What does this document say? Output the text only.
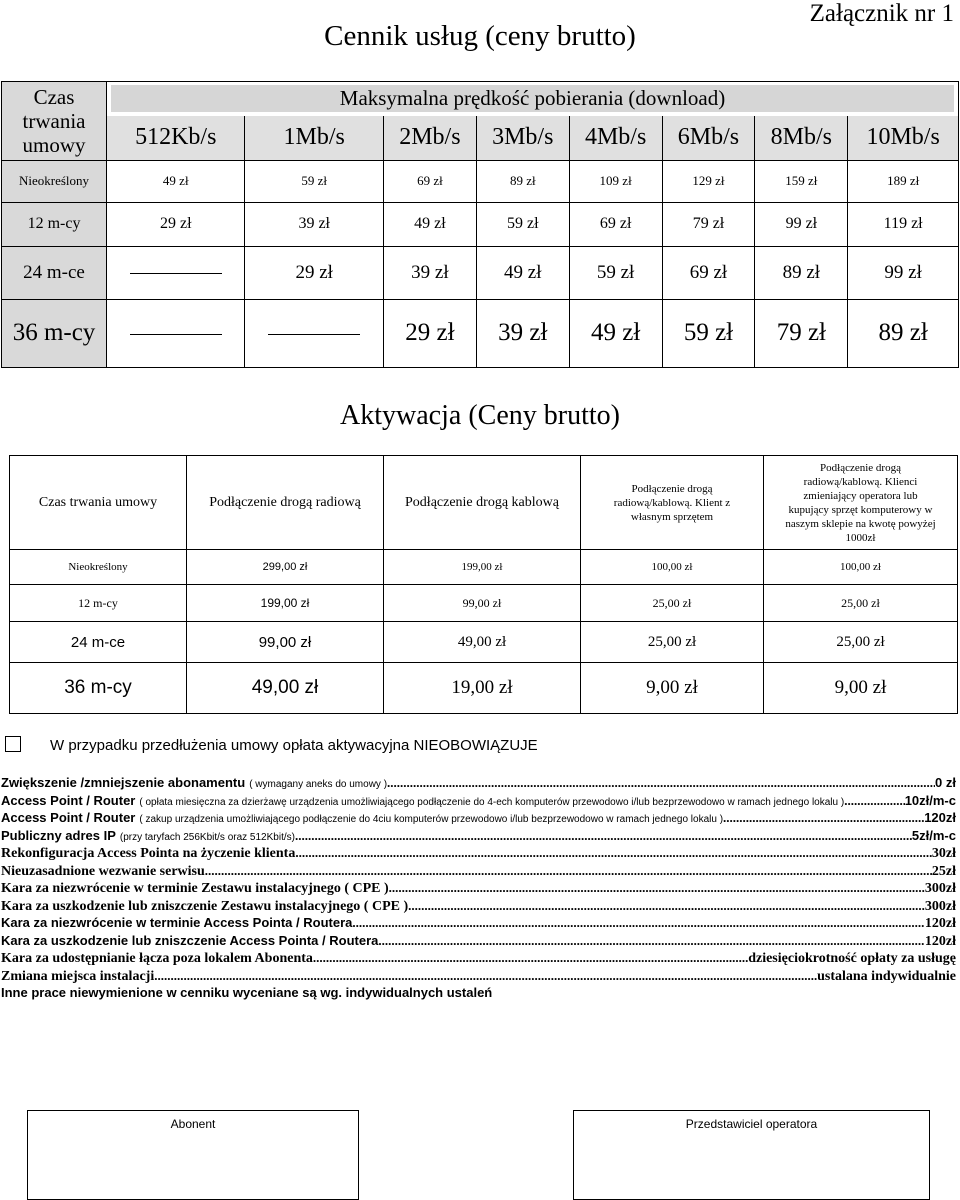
Załącznik nr 1
Cennik usług (ceny brutto)
Czas
trwania
umowy	Maksymalna prędkość pobierania (download)							

	512Kb/s	1Mb/s	2Mb/s	3Mb/s	4Mb/s	6Mb/s	8Mb/s	10Mb/s
Nieokreślony	49 zł	59 zł	69 zł	89 zł	109 zł	129 zł	159 zł	189 zł
12 m-cy	29 zł	39 zł	49 zł	59 zł	69 zł	79 zł	99 zł	119 zł
24 m-ce		29 zł	39 zł	49 zł	59 zł	69 zł	89 zł	99 zł
36 m-cy			29 zł	39 zł	49 zł	59 zł	79 zł	89 zł
Aktywacja (Ceny brutto)
Czas trwania umowy	Podłączenie drogą radiową	Podłączenie drogą kablową	Podłączenie drogą radiową/kablową. Klient z własnym sprzętem	Podłączenie drogą radiową/kablową. Klienci zmieniający operatora lub kupujący sprzęt komputerowy w naszym sklepie na kwotę powyżej 1000zł
Nieokreślony	299,00 zł	199,00 zł	100,00 zł	100,00 zł
12 m-cy	199,00 zł	99,00 zł	25,00 zł	25,00 zł
24 m-ce	99,00 zł	49,00 zł	25,00 zł	25,00 zł
36 m-cy	49,00 zł	19,00 zł	9,00 zł	9,00 zł
W przypadku przedłużenia umowy opłata aktywacyjna NIEOBOWIĄZUJE
Zwiększenie /zmniejszenie abonamentu ( wymagany aneks do umowy ) .....	0 zł
Access Point / Router ( opłata miesięczna za dzierżawę urządzenia umożliwiającego podłączenie do 4-ech komputerów przewodowo i/lub bezprzewodowo w ramach jednego lokalu ) .....	10zł/m-c
Access Point / Router ( zakup urządzenia umożliwiającego podłączenie do 4ciu komputerów przewodowo i/lub bezprzewodowo w ramach jednego lokalu ) .....	120zł
Publiczny adres IP (przy taryfach 256Kbit/s oraz 512Kbit/s) .....	5zł/m-c
Rekonfiguracja Access Pointa na życzenie klienta .....	30zł
Nieuzasadnione wezwanie serwisu .....	25zł
Kara za niezwrócenie w terminie Zestawu instalacyjnego ( CPE ) .....	300zł
Kara za uszkodzenie lub zniszczenie Zestawu instalacyjnego ( CPE ) .....	300zł
Kara za niezwrócenie w terminie Access Pointa / Routera .....	120zł
Kara za uszkodzenie lub zniszczenie Access Pointa / Routera .....	120zł
Kara za udostępnianie łącza poza lokalem Abonenta .....	dziesięciokrotność opłaty za usługę
Zmiana miejsca instalacji .....	ustalana indywidualnie
Inne prace niewymienione w cenniku wyceniane są wg. indywidualnych ustaleń
Abonent	Przedstawiciel operatora
